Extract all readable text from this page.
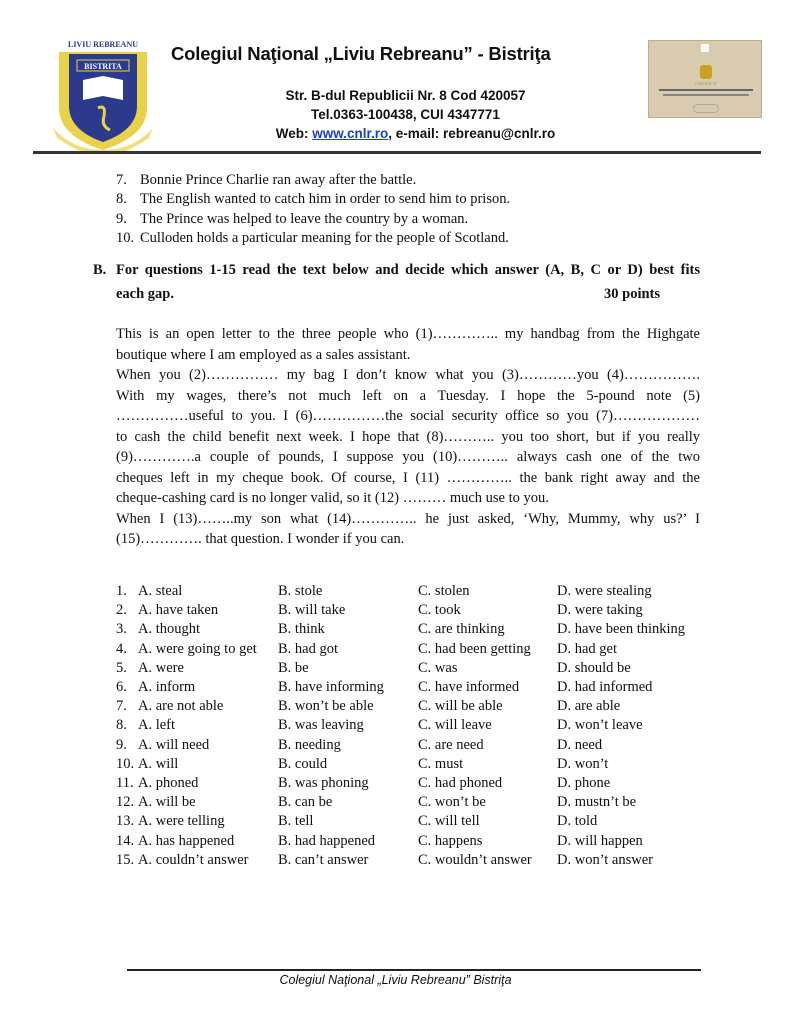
LIVIU REBREANU
BISTRITA
Colegiul Naţional „Liviu Rebreanu” - Bistriţa
Str. B-dul Republicii Nr. 8 Cod 420057
Tel.0363-100438, CUI 4347771
Web: www.cnlr.ro, e-mail: rebreanu@cnlr.ro
CERTIFICAT
7. Bonnie Prince Charlie ran away after the battle.
8. The English wanted to catch him in order to send him to prison.
9. The Prince was helped to leave the country by a woman.
10. Culloden holds a particular meaning for the people of Scotland.
B. For questions 1-15 read the text below and decide which answer (A, B, C or D) best fits
each gap.	30 points
This is an open letter to the three people who (1)………….. my handbag from the Highgate
boutique where I am employed as a sales assistant.
When you (2)…………… my bag I don’t know what you (3)…………you (4)…………….
With my wages, there’s not much left on a Tuesday. I hope the 5-pound note (5)
……………useful to you. I (6)……………the social security office so you (7)………………
to cash the child benefit next week. I hope that (8)……….. you too short, but if you really
(9)………….a couple of pounds, I suppose you (10)……….. always cash one of the two
cheques left in my cheque book. Of course, I (11) ………….. the bank right away and the
cheque-cashing card is no longer valid, so it (12) ……… much use to you.
When I (13)……..my son what (14)………….. he just asked, ‘Why, Mummy, why us?’ I
(15)…………. that question. I wonder if you can.
1. A. steal	B. stole	C. stolen	D. were stealing
2. A. have taken	B. will take	C. took	D. were taking
3. A. thought	B. think	C. are thinking	D. have been thinking
4. A. were going to get B. had got	C. had been getting D. had get
5. A. were	B. be	C. was	D. should be
6. A. inform	B. have informing C. have informed	D. had informed
7. A. are not able	B. won’t be able	C. will be able	D. are able
8. A. left	B. was leaving	C. will leave	D. won’t leave
9. A. will need	B. needing	C. are need	D. need
10. A. will	B. could	C. must	D. won’t
11. A. phoned	B. was phoning	C. had phoned	D. phone
12. A. will be	B. can be	C. won’t be	D. mustn’t be
13. A. were telling	B. tell	C. will tell	D. told
14. A. has happened	B. had happened	C. happens	D. will happen
15. A. couldn’t answer B. can’t answer	C. wouldn’t answer D. won’t answer
Colegiul Naţional „Liviu Rebreanu” Bistriţa
